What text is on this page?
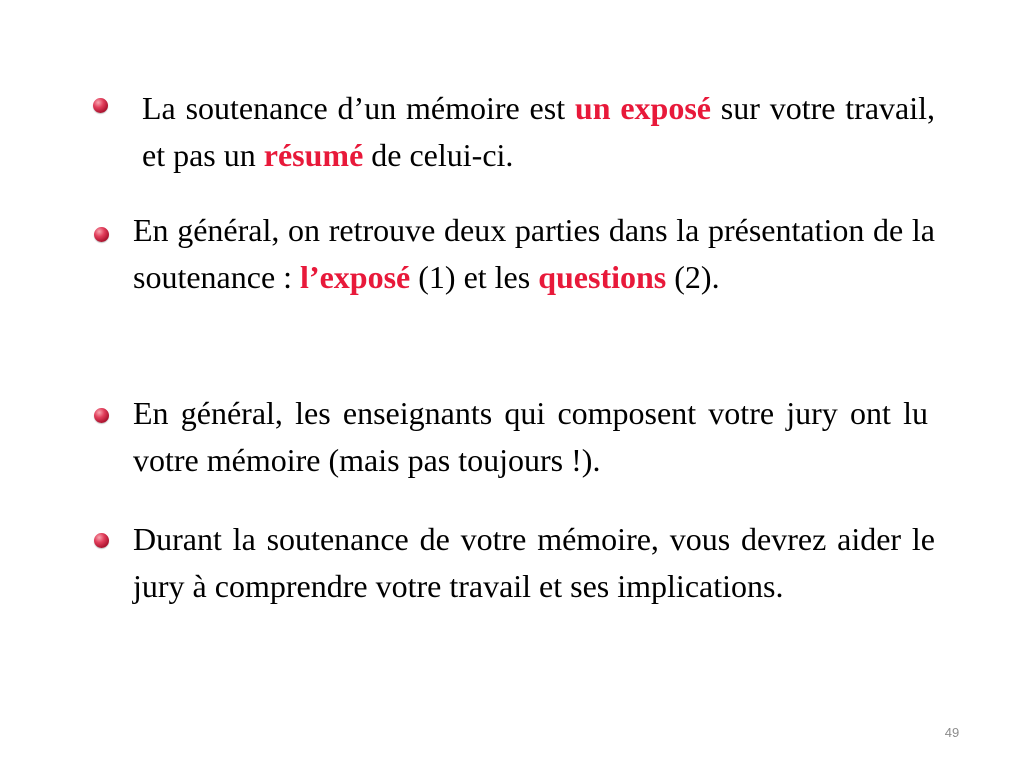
La soutenance d’un mémoire est un exposé sur votre travail, et pas un résumé de celui-ci.
En général, on retrouve deux parties dans la présentation de la soutenance : l’exposé (1) et les questions (2).
En général, les enseignants qui composent votre jury ont lu votre mémoire (mais pas toujours !).
Durant la soutenance de votre mémoire, vous devrez aider le jury à comprendre votre travail et ses implications.
49
